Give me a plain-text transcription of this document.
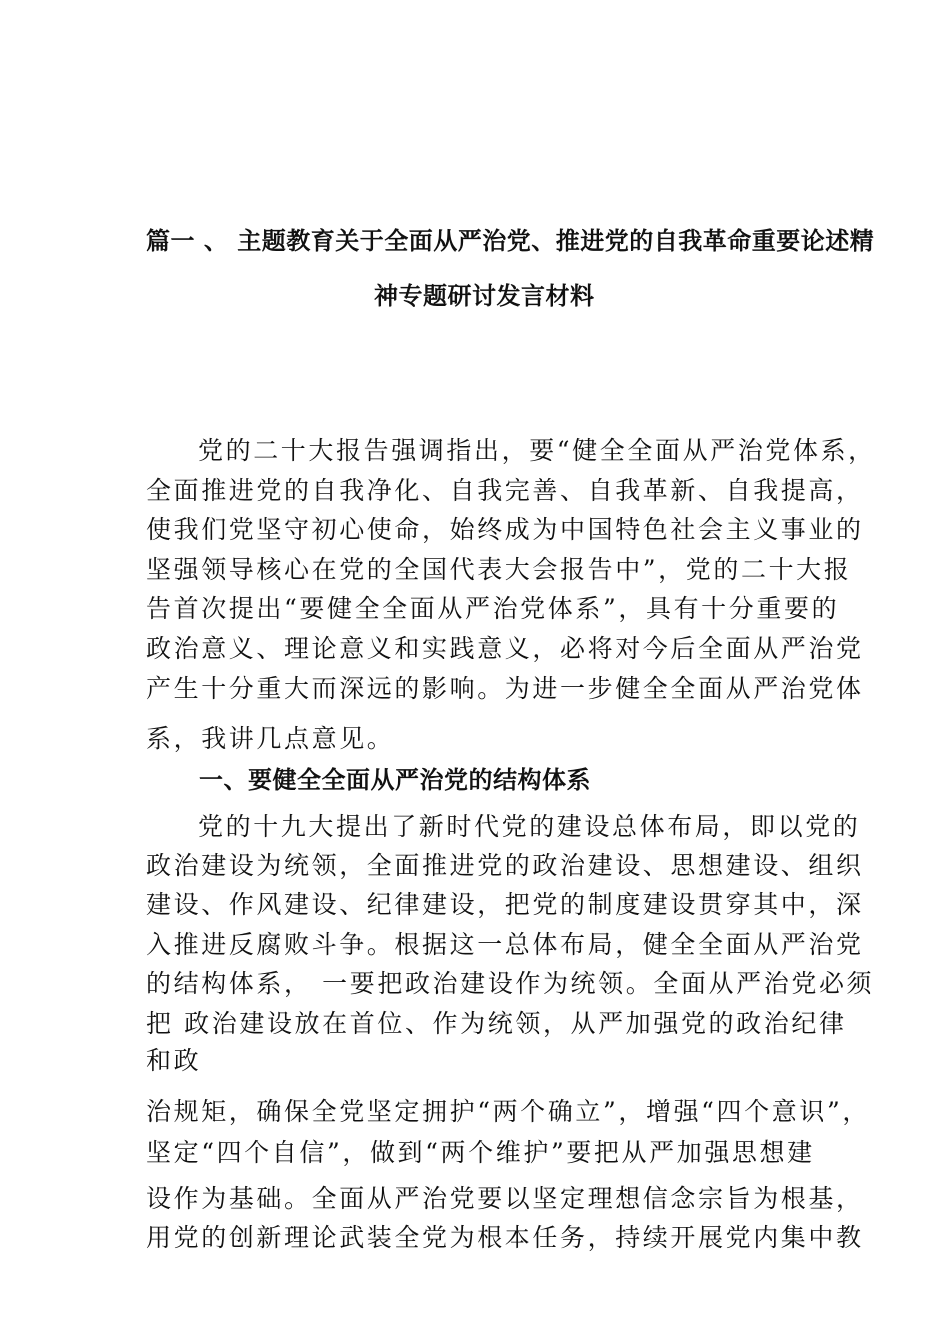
篇一 、 主题教育关于全面从严治党、推进党的自我革命重要论述精
神专题研讨发言材料
党的二十大报告强调指出，要“健全全面从严治党体系，
全面推进党的自我净化、自我完善、自我革新、自我提高，
使我们党坚守初心使命，始终成为中国特色社会主义事业的
坚强领导核心在党的全国代表大会报告中”，党的二十大报
告首次提出“要健全全面从严治党体系”，具有十分重要的
政治意义、理论意义和实践意义，必将对今后全面从严治党
产生十分重大而深远的影响。为进一步健全全面从严治党体
系，我讲几点意见。
一、要健全全面从严治党的结构体系
党的十九大提出了新时代党的建设总体布局，即以党的
政治建设为统领，全面推进党的政治建设、思想建设、组织
建设、作风建设、纪律建设，把党的制度建设贯穿其中，深
入推进反腐败斗争。根据这一总体布局，健全全面从严治党
的结构体系， 一要把政治建设作为统领。全面从严治党必须
把 政治建设放在首位、作为统领，从严加强党的政治纪律
和政
治规矩，确保全党坚定拥护“两个确立”，增强“四个意识”，
坚定“四个自信”，做到“两个维护”要把从严加强思想建
设作为基础。全面从严治党要以坚定理想信念宗旨为根基，
用党的创新理论武装全党为根本任务，持续开展党内集中教
